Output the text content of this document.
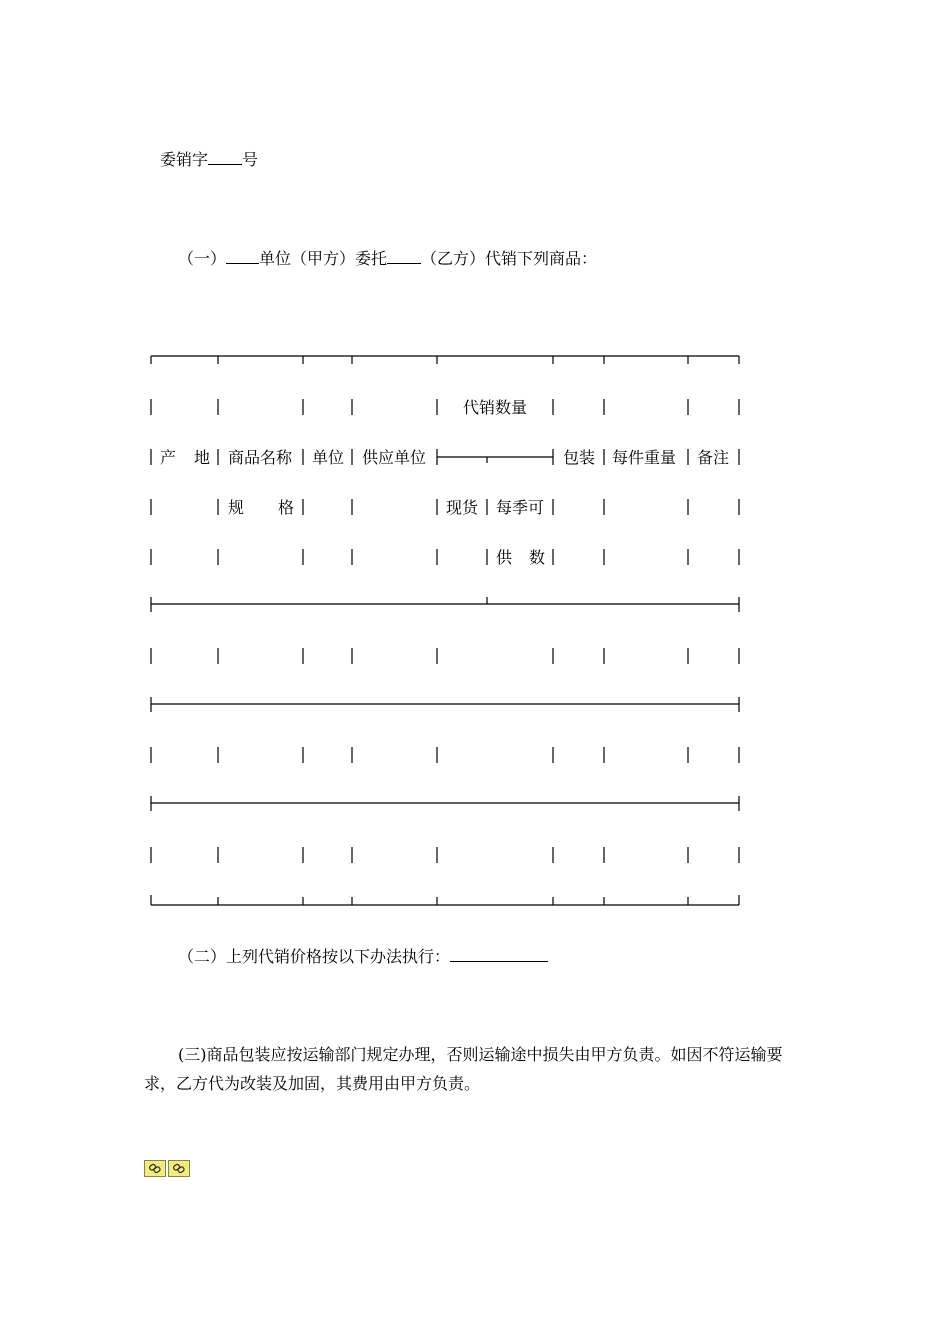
委销字 号
（一） 单位（甲方）委托 （乙方）代销下列商品：
代销数量
产 地 商品名称 单位 供应单位	包装 每件重量 备注
规 格	现货 每季可
供 数
（二）上列代销价格按以下办法执行：
(三)商品包装应按运输部门规定办理，否则运输途中损失由甲方负责。如因不符运输要
求，乙方代为改装及加固，其费用由甲方负责。
